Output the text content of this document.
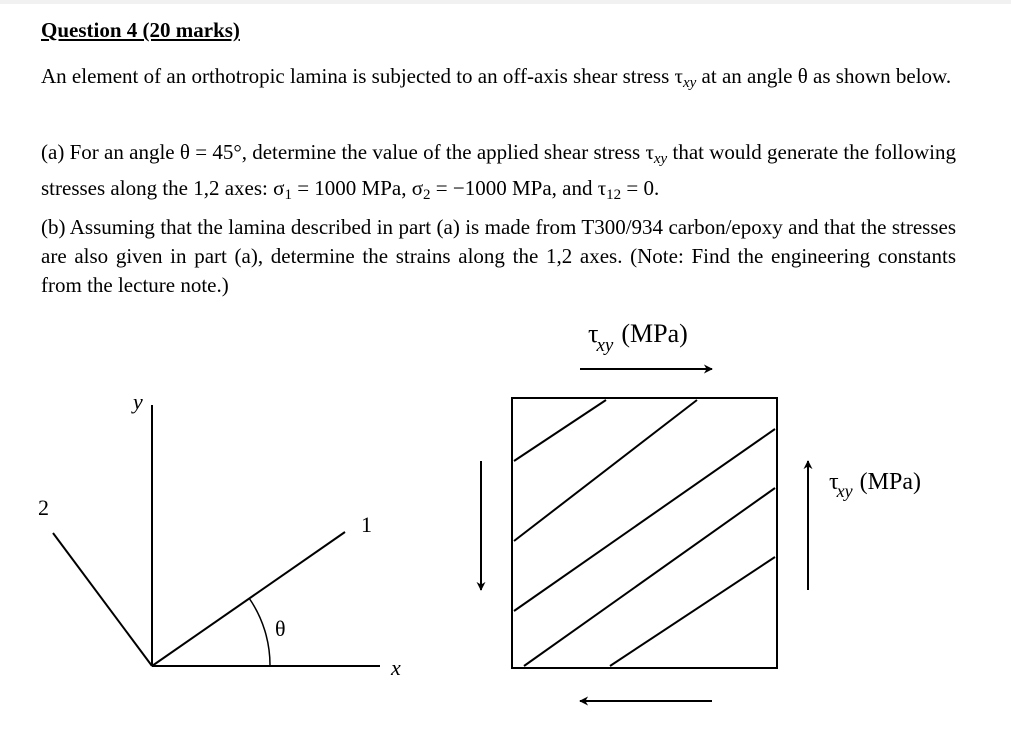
Question 4 (20 marks)

An element of an orthotropic lamina is subjected to an off-axis shear stress $\tau_{xy}$ at an angle θ as shown below.

(a) For an angle θ = 45°, determine the value of the applied shear stress $\tau_{xy}$ that would generate the following stresses along the 1,2 axes: σ1 = 1000 MPa, σ2 = −1000 MPa, and τ12 = 0.

(b) Assuming that the lamina described in part (a) is made from T300/934 carbon/epoxy and that the stresses are also given in part (a), determine the strains along the 1,2 axes. (Note: Find the engineering constants from the lecture note.)

y
x
1
2
θ
τxy (MPa)
τxy (MPa)
